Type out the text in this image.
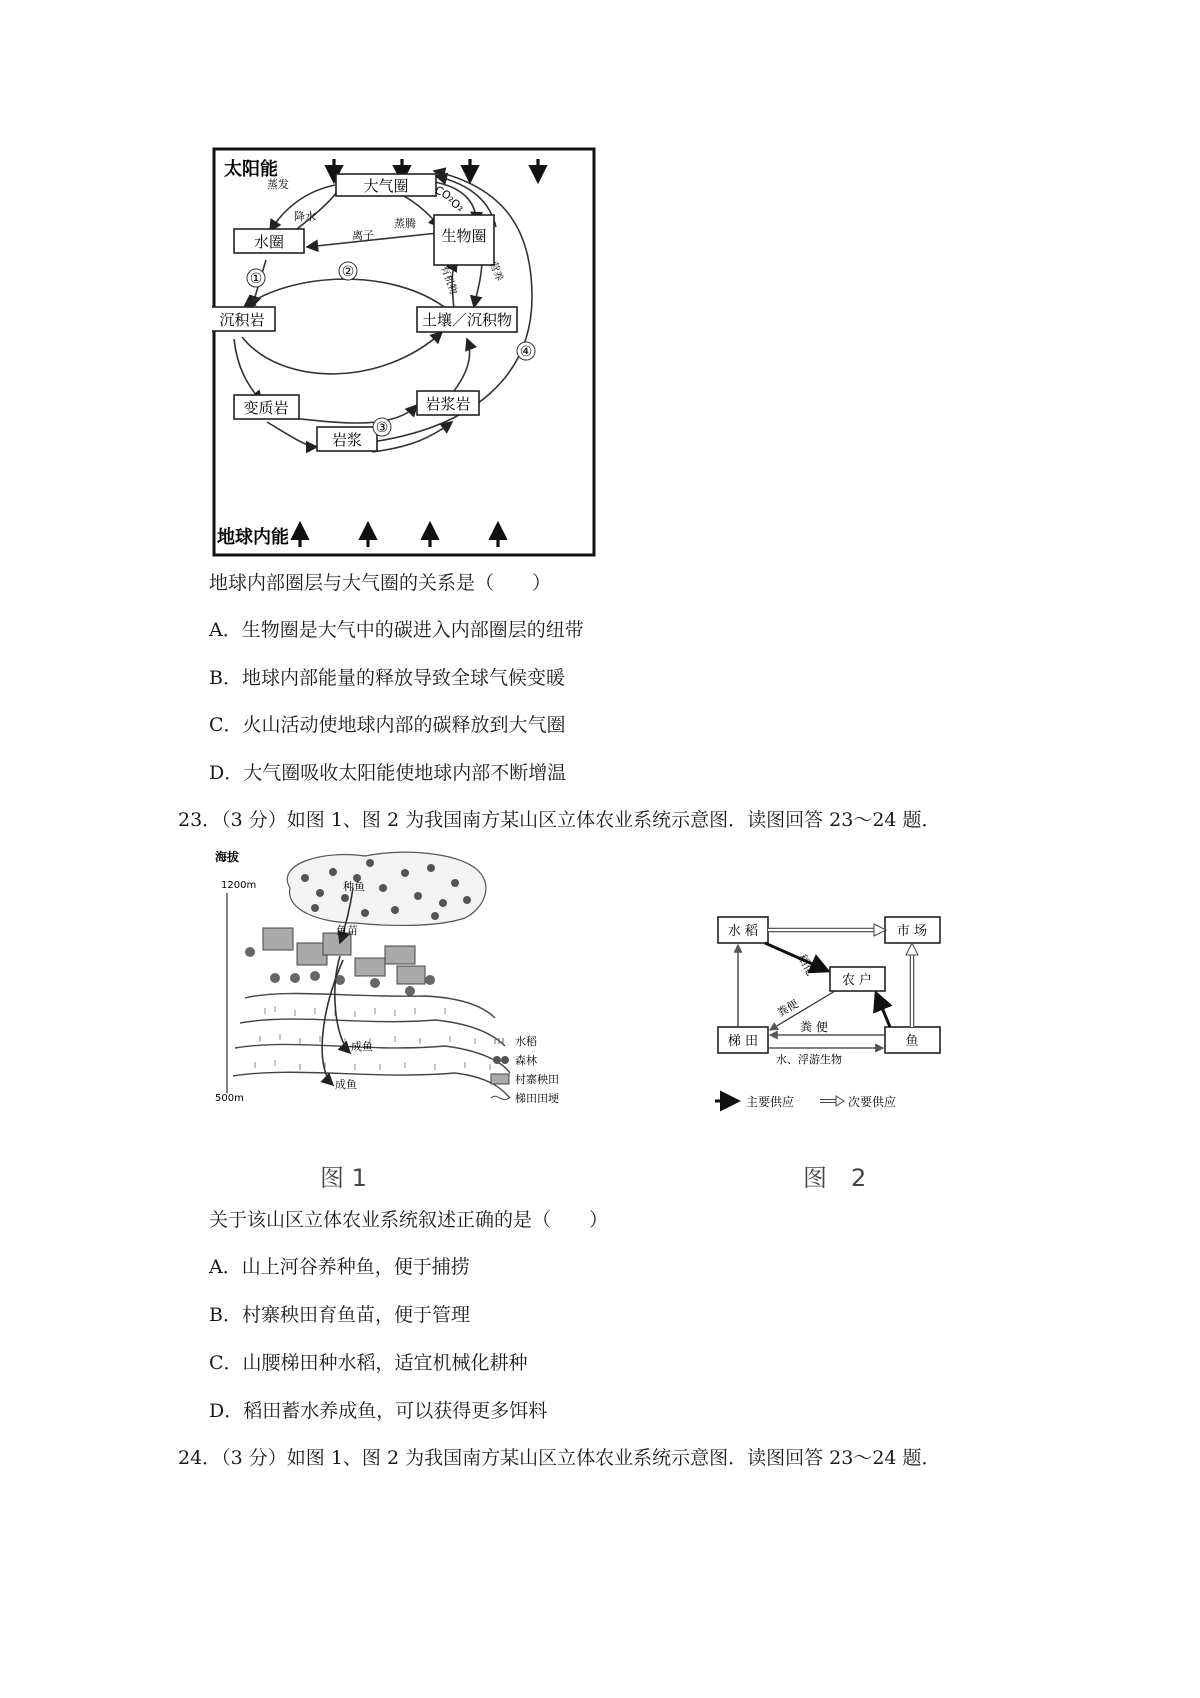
太阳能
地球内能
大气圈
水圈	生物圈
沉积岩	土壤／沉积物
变质岩	岩浆岩
岩浆
蒸发
降水
离子
蒸腾
CO₂
O₂
有机物	营养
①	②
③
④
地球内部圈层与大气圈的关系是（　　）
A．生物圈是大气中的碳进入内部圈层的纽带
B．地球内部能量的释放导致全球气候变暖
C．火山活动使地球内部的碳释放到大气圈
D．大气圈吸收太阳能使地球内部不断增温
23．（3 分）如图 1、图 2 为我国南方某山区立体农业系统示意图．读图回答 23～24 题．
海拔
1200m
500m
种鱼
鱼苗
成鱼
成鱼
水稻
森林
村寨秧田
梯田田埂
图 1
水 稻	市 场
农 户
梯 田	鱼
稻化
粪便
粪 便
水、浮游生物
主要供应	次要供应
图　2
关于该山区立体农业系统叙述正确的是（　　）
A．山上河谷养种鱼，便于捕捞
B．村寨秧田育鱼苗，便于管理
C．山腰梯田种水稻，适宜机械化耕种
D．稻田蓄水养成鱼，可以获得更多饵料
24．（3 分）如图 1、图 2 为我国南方某山区立体农业系统示意图．读图回答 23～24 题．
